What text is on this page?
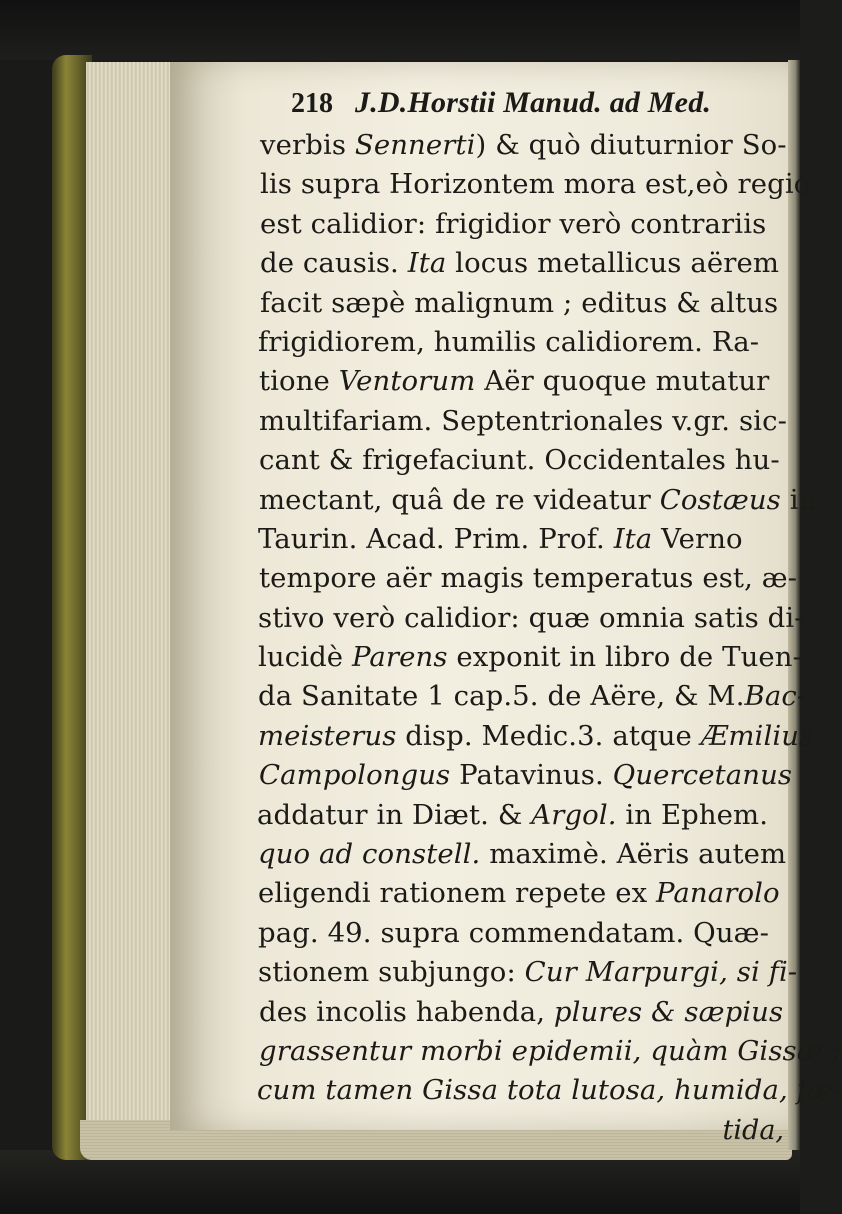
218 J.D.Horstii Manud. ad Med.
verbis Sennerti) & quò diuturnior So-
lis supra Horizontem mora est,eò regio
est calidior: frigidior verò contrariis
de causis. Ita locus metallicus aërem
facit sæpè malignum ; editus & altus
frigidiorem, humilis calidiorem. Ra-
tione Ventorum Aër quoque mutatur
multifariam. Septentrionales v.gr. sic-
cant & frigefaciunt. Occidentales hu-
mectant, quâ de re videatur Costæus in
Taurin. Acad. Prim. Prof. Ita Verno
tempore aër magis temperatus est, æ-
stivo verò calidior: quæ omnia satis di-
lucidè Parens exponit in libro de Tuen-
da Sanitate 1 cap.5. de Aëre, & M.Bac-
meisterus disp. Medic.3. atque Æmilius
Campolongus Patavinus. Quercetanus
addatur in Diæt. & Argol. in Ephem.
quo ad constell. maximè. Aëris autem
eligendi rationem repete ex Panarolo
pag. 49. supra commendatam. Quæ-
stionem subjungo: Cur Marpurgi, si fi-
des incolis habenda, plures & sæpius
grassentur morbi epidemii, quàm Gissæ ;
cum tamen Gissa tota lutosa, humida, fæ-
tida,
